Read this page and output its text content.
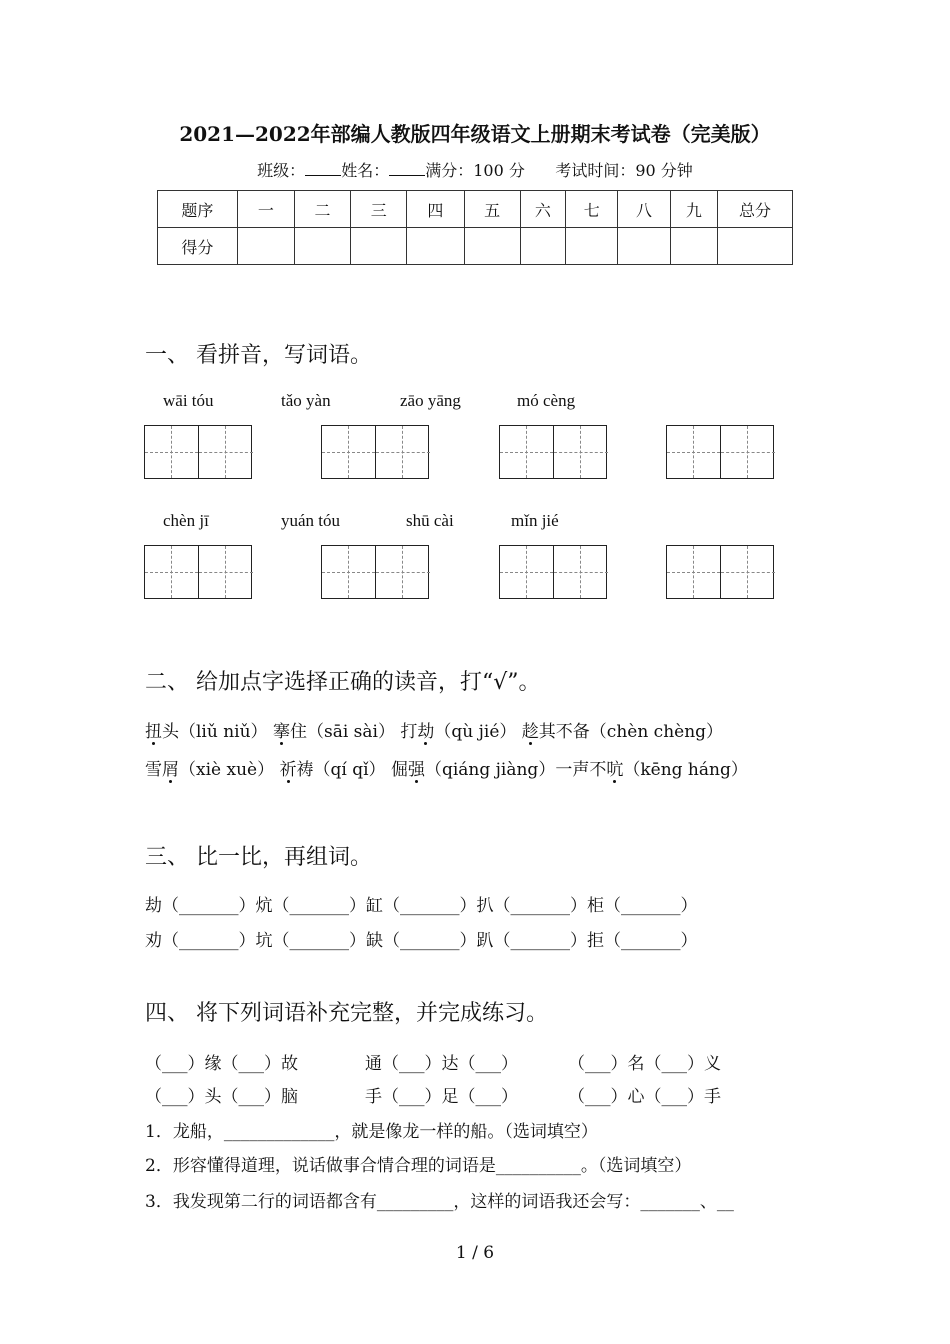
2021—2022年部编人教版四年级语文上册期末考试卷（完美版）
班级： 姓名： 满分：100 分 考试时间：90 分钟
题序	一	二	三	四	五	六	七	八	九	总分
得分										
一、 看拼音，写词语。
wāi tóu	tǎo yàn	zāo yāng	mó cèng
chèn jī	yuán tóu	shū cài	mǐn jié
二、 给加点字选择正确的读音，打“√”。
扭头（liǔ niǔ） 搴住（sāi sài） 打劫（qù jié） 趁其不备（chèn chèng）
雪屑（xiè xuè） 祈祷（qí qǐ） 倔强（qiáng jiàng）一声不吭（kēng háng）
三、 比一比，再组词。
劫（_______）炕（_______）缸（_______）扒（_______）柜（_______）
劝（_______）坑（_______）缺（_______）趴（_______）拒（_______）
四、 将下列词语补充完整，并完成练习。
（___）缘（___）故	通（___）达（___）	（___）名（___）义
（___）头（___）脑	手（___）足（___）	（___）心（___）手
1．龙船，_____________，就是像龙一样的船。（选词填空）
2．形容懂得道理，说话做事合情合理的词语是__________。（选词填空）
3．我发现第二行的词语都含有_________，这样的词语我还会写：_______、__
1 / 6
